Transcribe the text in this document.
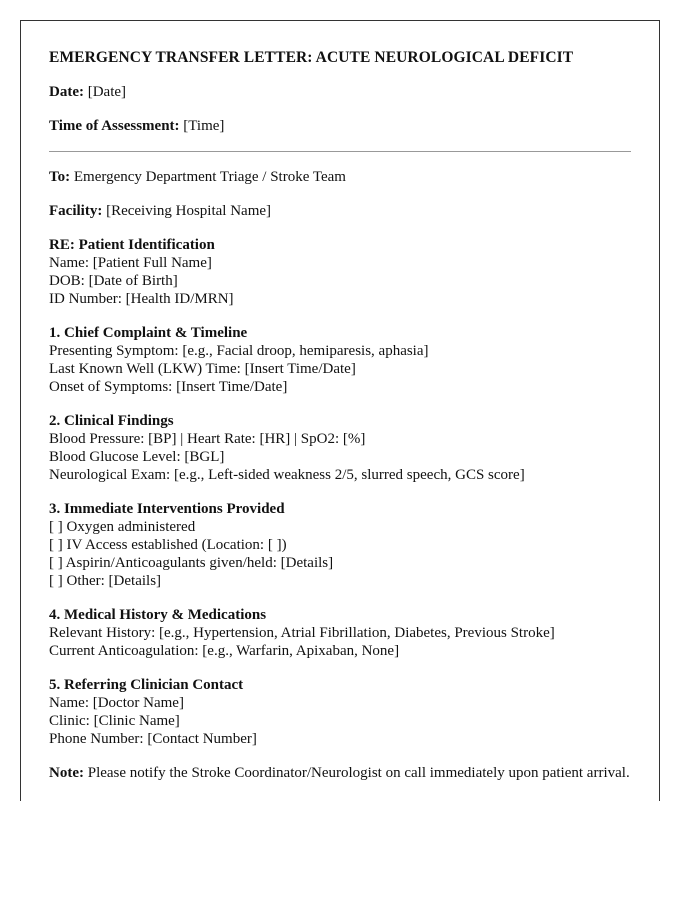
EMERGENCY TRANSFER LETTER: ACUTE NEUROLOGICAL DEFICIT
Date: [Date]
Time of Assessment: [Time]
To: Emergency Department Triage / Stroke Team
Facility: [Receiving Hospital Name]
RE: Patient Identification
Name: [Patient Full Name]
DOB: [Date of Birth]
ID Number: [Health ID/MRN]
1. Chief Complaint & Timeline
Presenting Symptom: [e.g., Facial droop, hemiparesis, aphasia]
Last Known Well (LKW) Time: [Insert Time/Date]
Onset of Symptoms: [Insert Time/Date]
2. Clinical Findings
Blood Pressure: [BP] | Heart Rate: [HR] | SpO2: [%]
Blood Glucose Level: [BGL]
Neurological Exam: [e.g., Left-sided weakness 2/5, slurred speech, GCS score]
3. Immediate Interventions Provided
[ ] Oxygen administered
[ ] IV Access established (Location: [ ])
[ ] Aspirin/Anticoagulants given/held: [Details]
[ ] Other: [Details]
4. Medical History & Medications
Relevant History: [e.g., Hypertension, Atrial Fibrillation, Diabetes, Previous Stroke]
Current Anticoagulation: [e.g., Warfarin, Apixaban, None]
5. Referring Clinician Contact
Name: [Doctor Name]
Clinic: [Clinic Name]
Phone Number: [Contact Number]
Note: Please notify the Stroke Coordinator/Neurologist on call immediately upon patient arrival.
